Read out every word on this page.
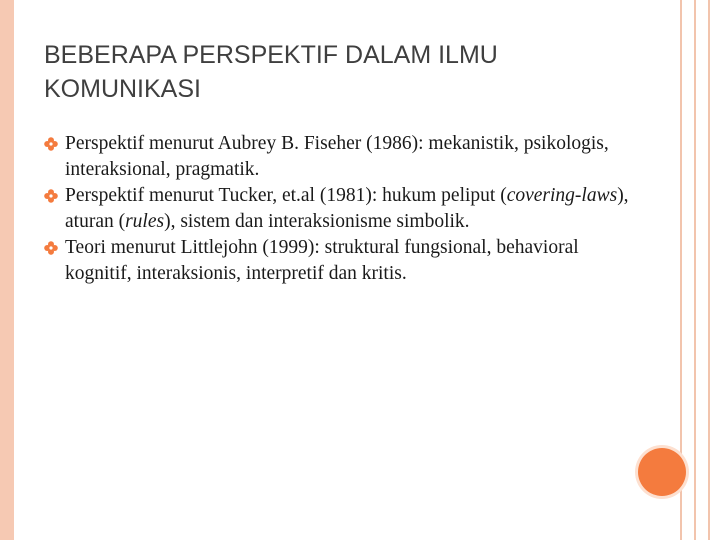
BEBERAPA PERSPEKTIF DALAM ILMU KOMUNIKASI
Perspektif menurut Aubrey B. Fiseher (1986): mekanistik, psikologis, interaksional, pragmatik.
Perspektif menurut Tucker, et.al (1981): hukum peliput (covering-laws), aturan (rules), sistem dan interaksionisme simbolik.
Teori menurut Littlejohn (1999): struktural fungsional, behavioral kognitif, interaksionis, interpretif dan kritis.
